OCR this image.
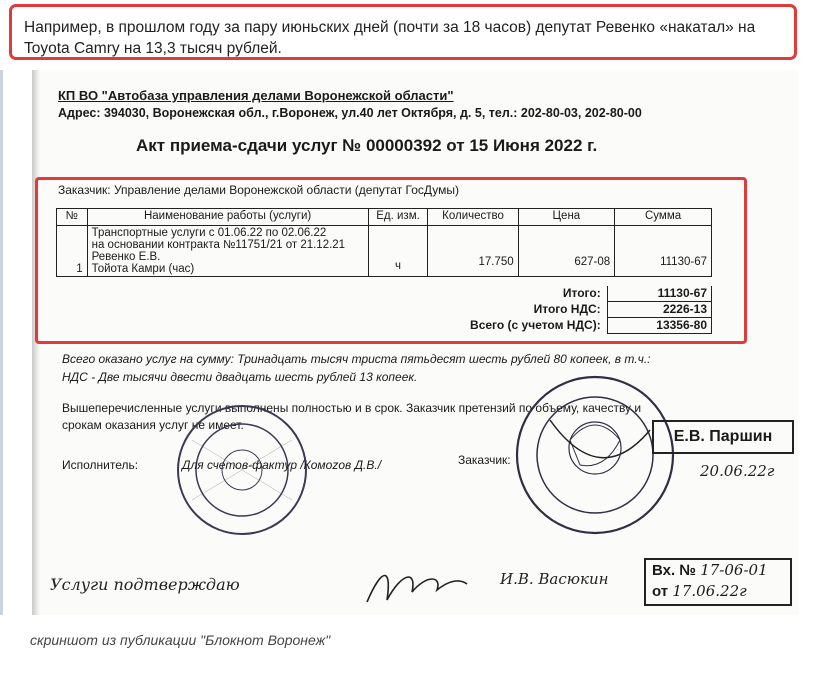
Например, в прошлом году за пару июньских дней (почти за 18 часов) депутат Ревенко «накатал» на Toyota Camry на 13,3 тысяч рублей.
КП ВО "Автобаза управления делами Воронежской области"
Адрес: 394030, Воронежская обл., г.Воронеж, ул.40 лет Октября, д. 5, тел.: 202-80-03, 202-80-00
Акт приема-сдачи услуг № 00000392 от 15 Июня 2022 г.
Заказчик: Управление делами Воронежской области (депутат ГосДумы)
№	Наименование работы (услуги)	Ед. изм.	Количество	Цена	Сумма
1	Транспортные услуги с 01.06.22 по 02.06.22
на основании контракта №11751/21 от 21.12.21
Ревенко Е.В.
Тойота Камри (час)	ч	17.750	627-08	11130-67
Итого:	11130-67
Итого НДС:	2226-13
Всего (с учетом НДС):	13356-80
Всего оказано услуг на сумму: Тринадцать тысяч триста пятьдесят шесть рублей 80 копеек, в т.ч.:
НДС - Две тысячи двести двадцать шесть рублей 13 копеек.
Вышеперечисленные услуги выполнены полностью и в срок. Заказчик претензий по объему, качеству и
срокам оказания услуг не имеет.
Исполнитель:	Для счетов-фактур /Комоzов Д.В./	Заказчик:
Е.В. Паршин
20.06.22г
Услуги подтверждаю	И.В. Васюкин	Вх. № 17-06-01
от 17.06.22г
скриншот из публикации "Блокнот Воронеж"
